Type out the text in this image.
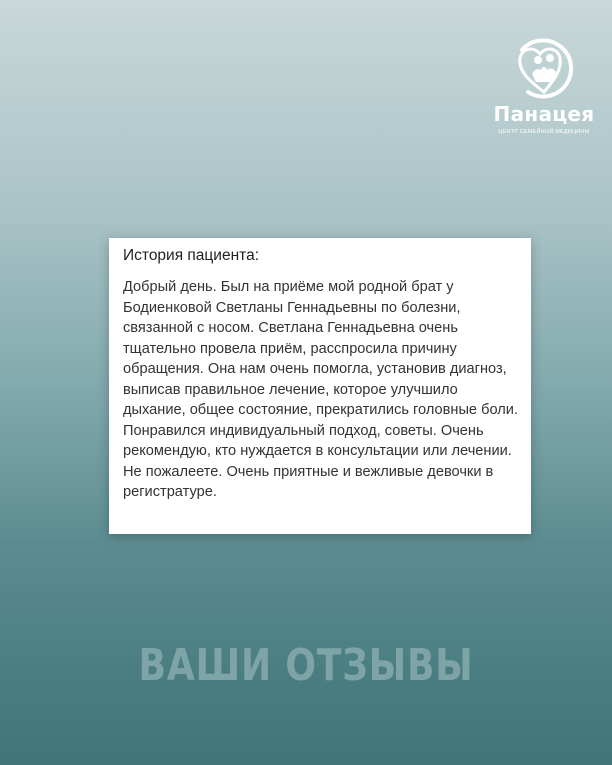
Панацея
ЦЕНТР СЕМЕЙНОЙ МЕДИЦИНЫ

История пациента:

Добрый день. Был на приёме мой родной брат у Бодиенковой Светланы Геннадьевны по болезни, связанной с носом. Светлана Геннадьевна очень тщательно провела приём, расспросила причину обращения. Она нам очень помогла, установив диагноз, выписав правильное лечение, которое улучшило дыхание, общее состояние, прекратились головные боли. Понравился индивидуальный подход, советы. Очень рекомендую, кто нуждается в консультации или лечении. Не пожалеете. Очень приятные и вежливые девочки в регистратуре.

ВАШИ ОТЗЫВЫ
